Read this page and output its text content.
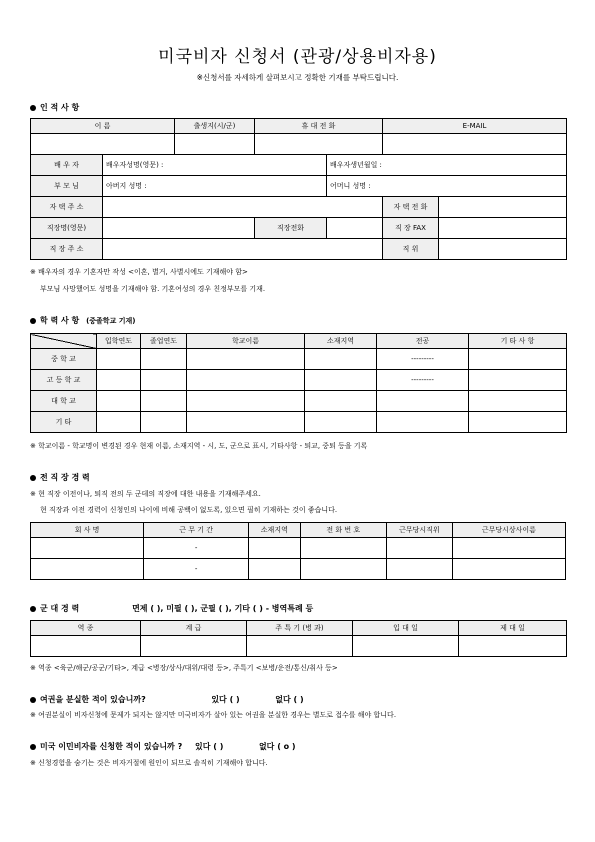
미국비자 신청서 (관광/상용비자용)
※신청서를 자세하게 살펴보시고 정확한 기재를 부탁드립니다.
인 적 사 항
이 름		출생지(시/군)	휴 대 전 화		E-MAIL	

배 우 자	배우자성명(영문) :			배우자생년월일 :		
부 모 님	아버지 성명 :			어머니 성명 :		
자 택 주 소					자 택 전 화	
직장명(영문)			직장전화		직 장 FAX	
직 장 주 소					직 위	
※ 배우자의 경우 기혼자만 작성 <이혼, 별거, 사별시에도 기재해야 함>
부모님 사망했어도 성명을 기재해야 함. 기혼여성의 경우 친정부모를 기재.
학 력 사 항 (중졸학교 기재)
	입학연도	졸업연도	학교이름	소재지역	전공	기 타 사 항
중 학 교					---------	
고 등 학 교					---------	
대 학 교						
기 타						
※ 학교이름 - 학교명이 변경된 경우 현재 이름, 소재지역 - 시, 도, 군으로 표시, 기타사항 - 퇴교, 중퇴 등을 기록
전 직 장 경 력
※ 현 직장 이전이나, 퇴직 전의 두 군데의 직장에 대한 내용을 기재해주세요.
현 직장과 이전 경력이 신청인의 나이에 비해 공백이 없도록, 있으면 필히 기재하는 것이 좋습니다.
회 사 명	근 무 기 간	소재지역	전 화 번 호	근무당시직위	근무당시상사이름
	-				
	-				
군 대 경 력	면제 ( ), 미필 ( ), 군필 ( ), 기타 ( ) - 병역특례 등
역 종	계 급	주 특 기 (병 과)	입 대 일	제 대 일

※ 역종 <육군/해군/공군/기타>, 계급 <병장/상사/대위/대령 등>, 주특기 <보병/운전/통신/취사 등>
여권을 분실한 적이 있습니까?	있다 ( )	없다 ( )
※ 여권분실이 비자신청에 문제가 되지는 않지만 미국비자가 살아 있는 여권을 분실한 경우는 별도로 접수를 해야 합니다.
미국 이민비자를 신청한 적이 있습니까 ? 있다 ( )	없다 ( o )
※ 신청경험을 숨기는 것은 비자거절에 원인이 되므로 솔직히 기재해야 합니다.
